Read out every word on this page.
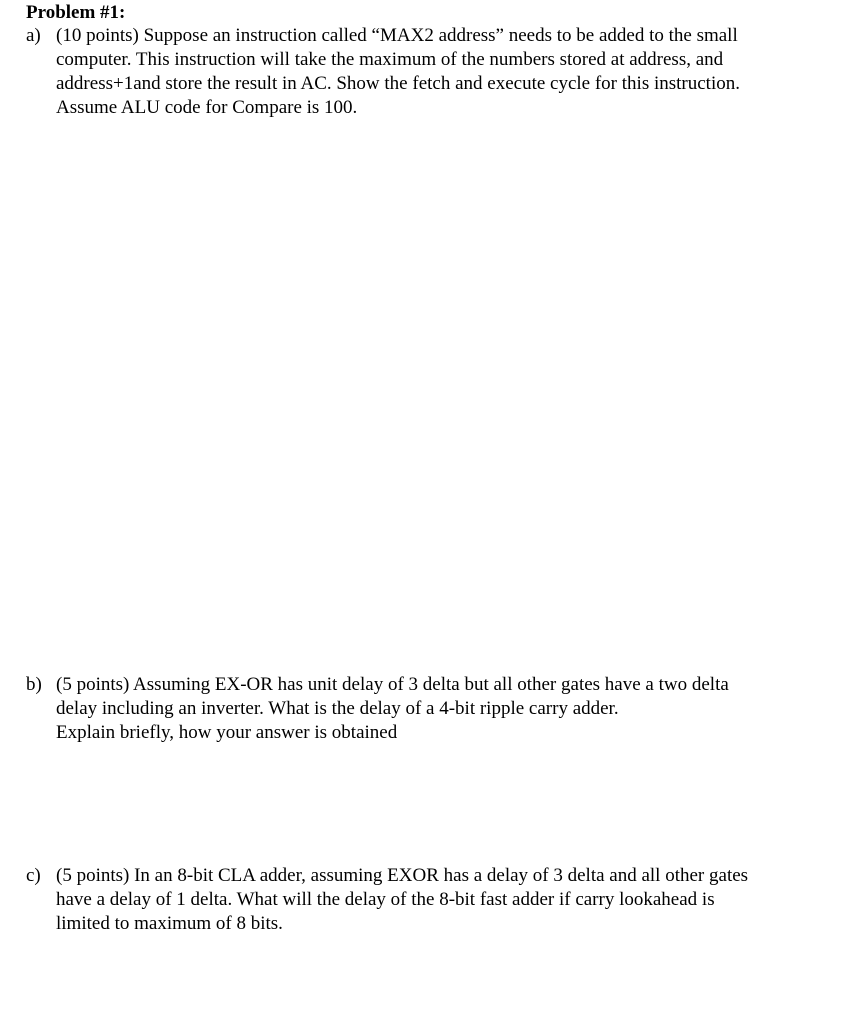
Problem #1:
a) (10 points) Suppose an instruction called “MAX2 address” needs to be added to the small
computer. This instruction will take the maximum of the numbers stored at address, and
address+1and store the result in AC. Show the fetch and execute cycle for this instruction.
Assume ALU code for Compare is 100.
b) (5 points) Assuming EX-OR has unit delay of 3 delta but all other gates have a two delta
delay including an inverter. What is the delay of a 4-bit ripple carry adder.
Explain briefly, how your answer is obtained
c) (5 points) In an 8-bit CLA adder, assuming EXOR has a delay of 3 delta and all other gates
have a delay of 1 delta. What will the delay of the 8-bit fast adder if carry lookahead is
limited to maximum of 8 bits.
